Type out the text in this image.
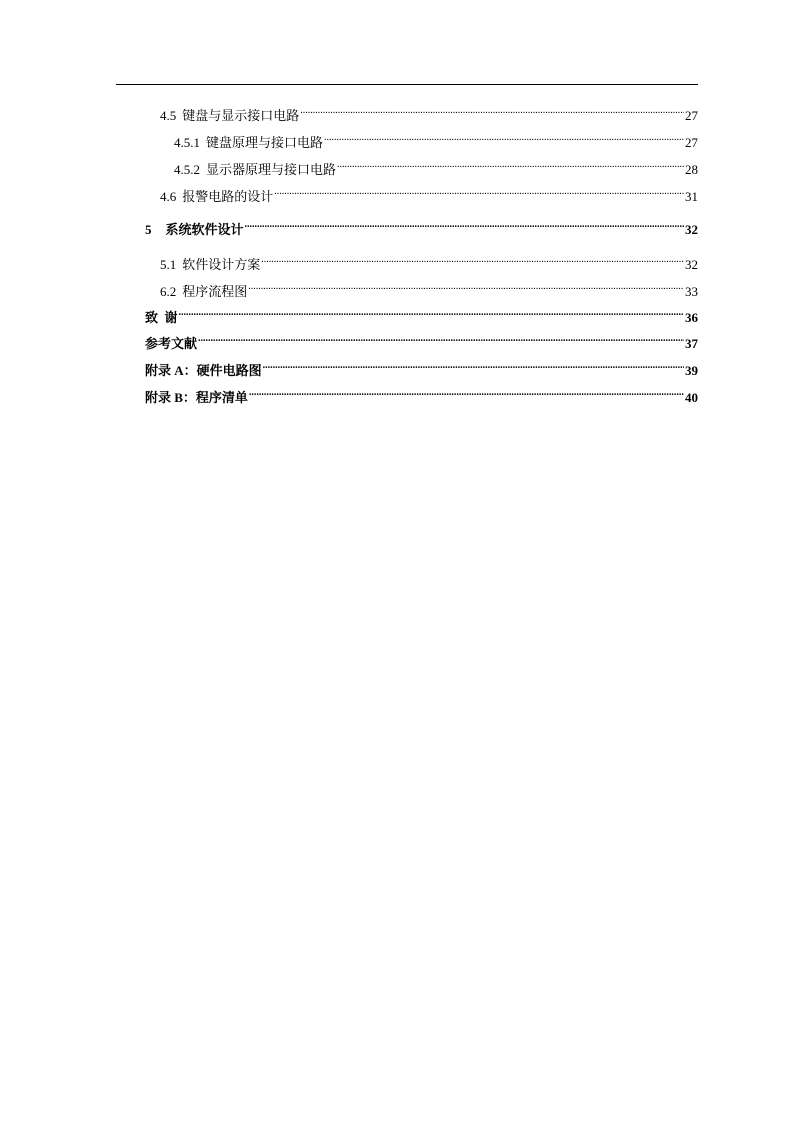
4.5 键盘与显示接口电路 .....	27
4.5.1 键盘原理与接口电路 .....	27
4.5.2 显示器原理与接口电路 .....	28
4.6 报警电路的设计 .....	31
5 系统软件设计 .....	32
5.1 软件设计方案 .....	32
6.2 程序流程图 .....	33
致  谢 .....	36
参考文献 .....	37
附录 A：硬件电路图 .....	39
附录 B：程序清单 .....	40
